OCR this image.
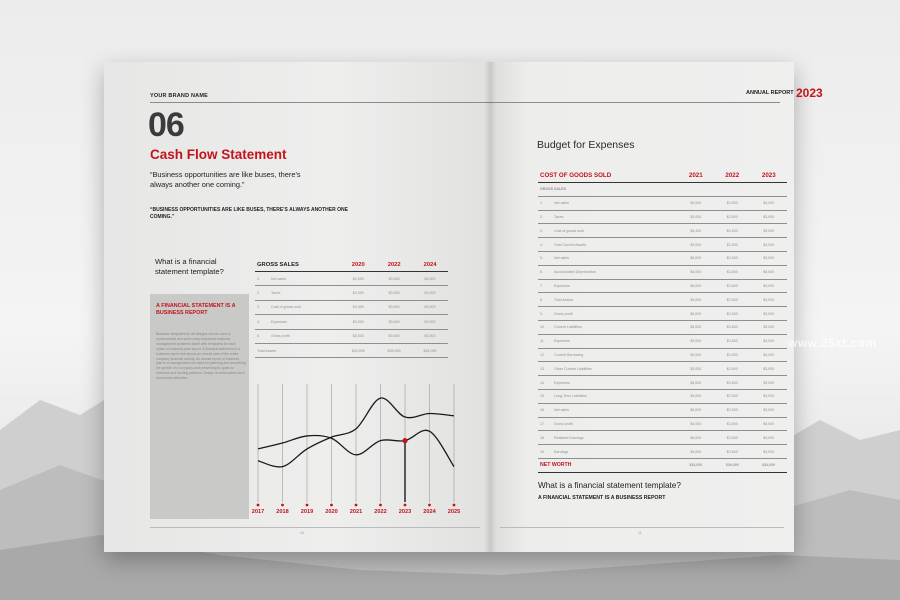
YOUR BRAND NAME
06
Cash Flow Statement
“Business opportunities are like buses, there’s always another one coming.”
“BUSINESS OPPORTUNITIES ARE LIKE BUSES, THERE’S ALWAYS ANOTHER ONE COMING.”
What is a financial statement template?
A FINANCIAL STATEMENT IS A BUSINESS REPORT
Business templates for all designs can be used to communicate and solve many important business management problems faster with templates for each option of business plan layout. A financial statement is a business report that shows an overall view of the entire company financial activity. An annual report or business plan is a management tool used for planning and describing the growth of a company and presenting its goals to investors and funding partners. Design is what makes such documents attractive.
GROSS SALES		2020	2022	2024
1.	Net sales	$3,000	$3,500	$3,000
2.	Taxes	$3,000	$3,500	$3,000
3.	Cost of goods sold	$3,400	$3,500	$3,000
4.	Expenses	$3,000	$3,600	$3,000
5.	Gross profit	$3,000	$3,600	$3,000
Total Assets		$34,000	$39,000	$34,000
2017 2018 2019 2020 2021 2022 2023 2024 2025
10
ANNUAL REPORT 2023
Budget for Expenses
COST OF GOODS SOLD		2021	2022	2023
GROSS SALES				
1.	Net sales	$3,000	$3,500	$3,000
2.	Taxes	$3,000	$3,500	$3,000
3.	Cost of goods sold	$3,400	$3,500	$3,000
4.	Total Current Assets	$3,000	$2,500	$3,000
5.	Net sales	$3,000	$3,500	$3,000
6.	Accumulated Depreciation	$3,000	$3,500	$3,000
7.	Expenses	$3,000	$3,600	$3,000
8.	Total Assets	$3,000	$3,500	$3,000
9.	Gross profit	$3,000	$3,500	$3,000
10.	Current Liabilities	$3,000	$3,600	$3,000
11.	Expenses	$3,000	$3,600	$3,000
12.	Current Borrowing	$3,000	$3,500	$3,000
13.	Other Current Liabilities	$3,000	$3,500	$3,000
14.	Expenses	$3,000	$3,600	$3,000
15.	Long-Term Liabilities	$3,000	$3,500	$3,000
16.	Net sales	$3,000	$3,500	$3,000
17.	Gross profit	$3,000	$3,500	$3,000
18.	Retained Earnings	$3,000	$3,500	$3,000
19.	Earnings	$3,000	$3,600	$3,000
NET WORTH		$34,000	$39,000	$34,000
What is a financial statement template?
A FINANCIAL STATEMENT IS A BUSINESS REPORT
11
www.25xt.com
